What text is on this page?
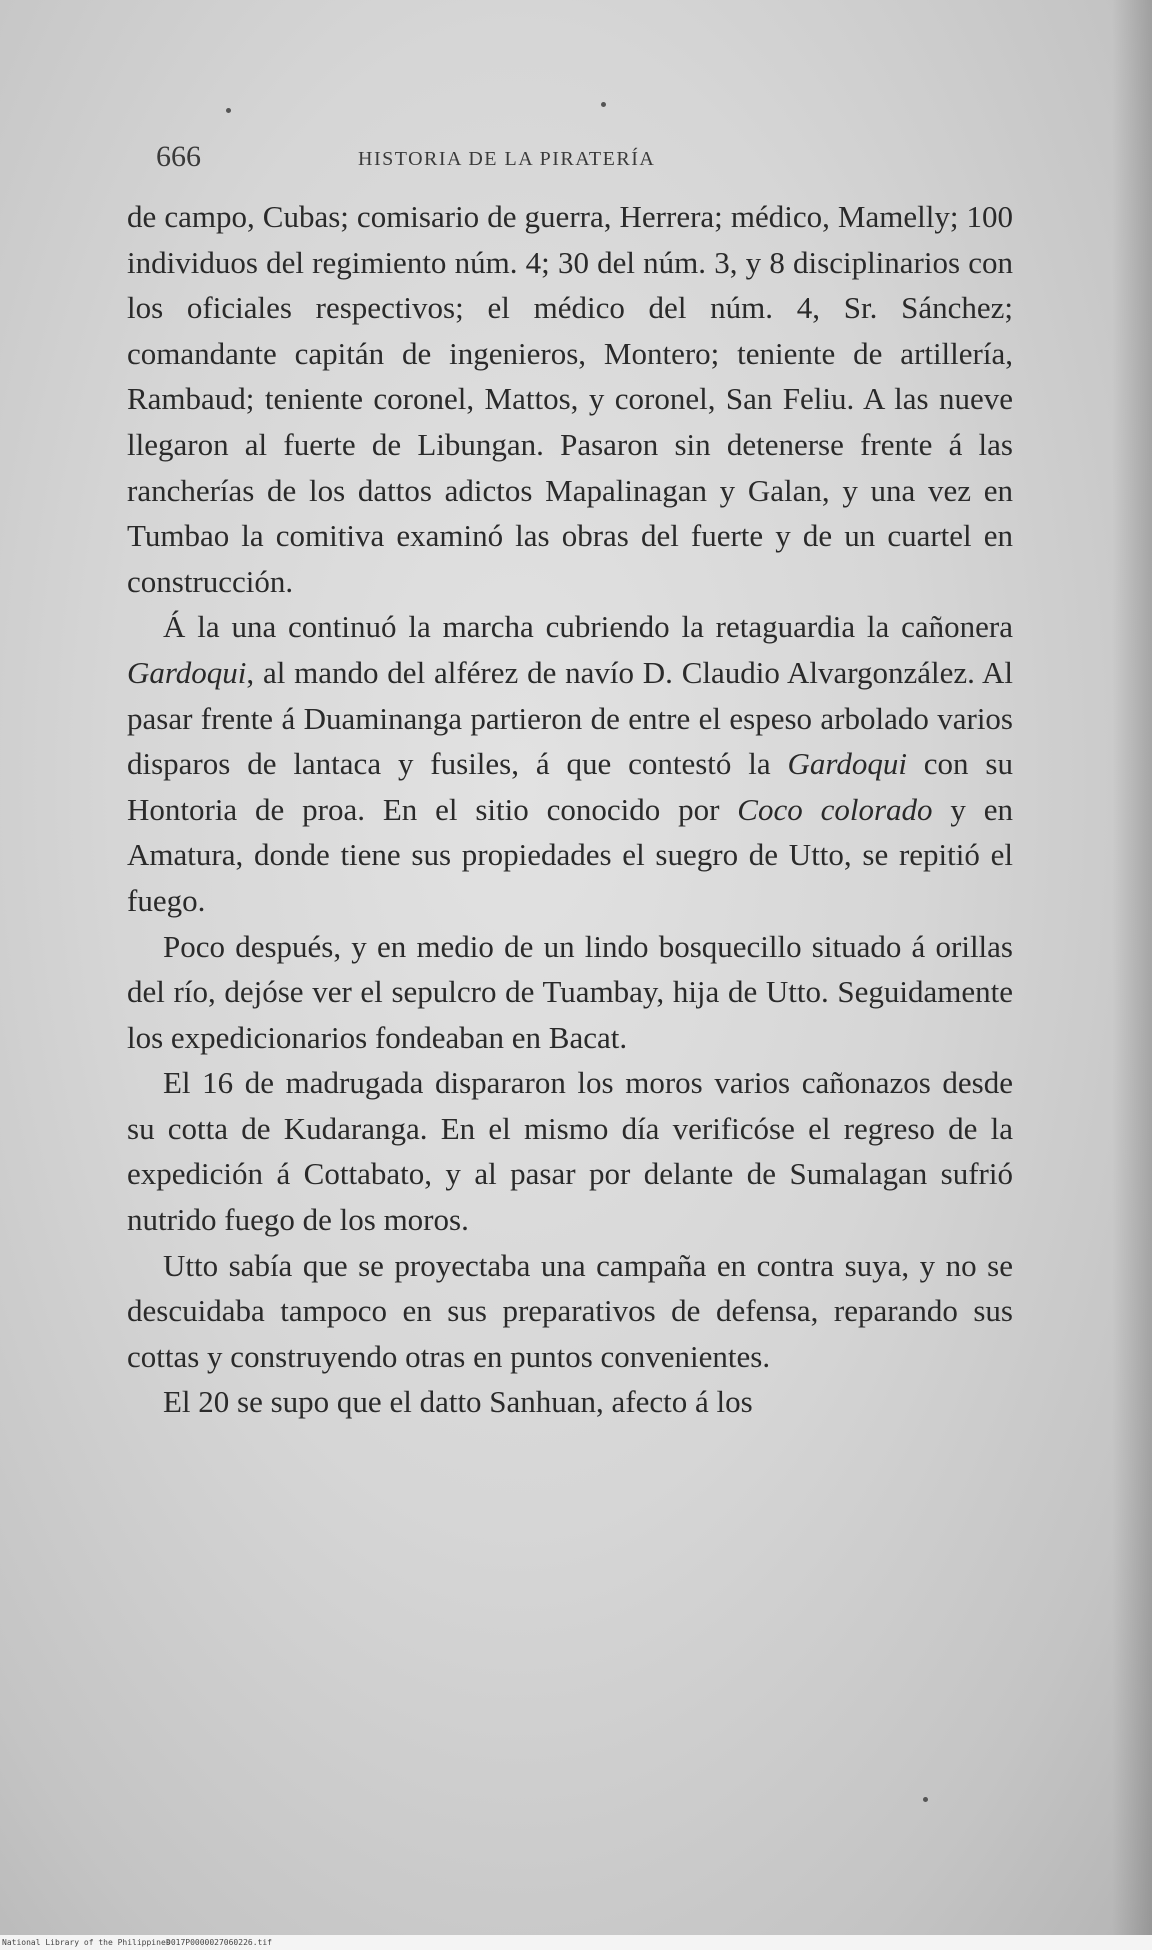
666	HISTORIA DE LA PIRATERÍA

de campo, Cubas; comisario de guerra, Herrera; médico, Mamelly; 100 individuos del regimiento núm. 4; 30 del núm. 3, y 8 disciplinarios con los oficiales respectivos; el médico del núm. 4, Sr. Sánchez; comandante capitán de ingenieros, Montero; teniente de artillería, Rambaud; teniente coronel, Mattos, y coronel, San Feliu. A las nueve llegaron al fuerte de Libungan. Pasaron sin detenerse frente á las rancherías de los dattos adictos Mapalinagan y Galan, y una vez en Tumbao la comitiva examinó las obras del fuerte y de un cuartel en construcción.

Á la una continuó la marcha cubriendo la retaguardia la cañonera Gardoqui, al mando del alférez de navío D. Claudio Alvargonzález. Al pasar frente á Duaminanga partieron de entre el espeso arbolado varios disparos de lantaca y fusiles, á que contestó la Gardoqui con su Hontoria de proa. En el sitio conocido por Coco colorado y en Amatura, donde tiene sus propiedades el suegro de Utto, se repitió el fuego.

Poco después, y en medio de un lindo bosquecillo situado á orillas del río, dejóse ver el sepulcro de Tuambay, hija de Utto. Seguidamente los expedicionarios fondeaban en Bacat.

El 16 de madrugada dispararon los moros varios cañonazos desde su cotta de Kudaranga. En el mismo día verificóse el regreso de la expedición á Cottabato, y al pasar por delante de Sumalagan sufrió nutrido fuego de los moros.

Utto sabía que se proyectaba una campaña en contra suya, y no se descuidaba tampoco en sus preparativos de defensa, reparando sus cottas y construyendo otras en puntos convenientes.

El 20 se supo que el datto Sanhuan, afecto á los

National Library of the Philippines
D017P0000027060226.tif
